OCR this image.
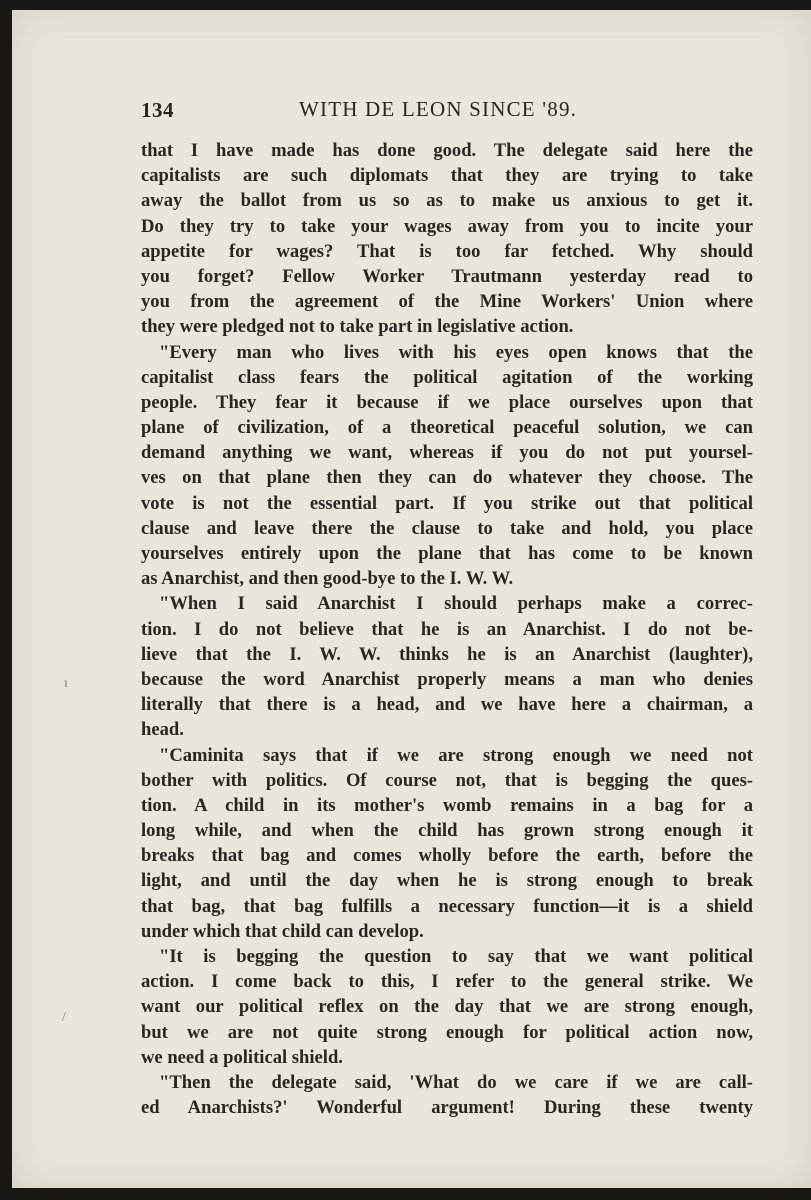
134	WITH DE LEON SINCE '89.
that I have made has done good. The delegate said here the
capitalists are such diplomats that they are trying to take
away the ballot from us so as to make us anxious to get it.
Do they try to take your wages away from you to incite your
appetite for wages? That is too far fetched. Why should
you forget? Fellow Worker Trautmann yesterday read to
you from the agreement of the Mine Workers' Union where
they were pledged not to take part in legislative action.
"Every man who lives with his eyes open knows that the
capitalist class fears the political agitation of the working
people. They fear it because if we place ourselves upon that
plane of civilization, of a theoretical peaceful solution, we can
demand anything we want, whereas if you do not put yoursel-
ves on that plane then they can do whatever they choose. The
vote is not the essential part. If you strike out that political
clause and leave there the clause to take and hold, you place
yourselves entirely upon the plane that has come to be known
as Anarchist, and then good-bye to the I. W. W.
"When I said Anarchist I should perhaps make a correc-
tion. I do not believe that he is an Anarchist. I do not be-
lieve that the I. W. W. thinks he is an Anarchist (laughter),
because the word Anarchist properly means a man who denies
literally that there is a head, and we have here a chairman, a
head.
"Caminita says that if we are strong enough we need not
bother with politics. Of course not, that is begging the ques-
tion. A child in its mother's womb remains in a bag for a
long while, and when the child has grown strong enough it
breaks that bag and comes wholly before the earth, before the
light, and until the day when he is strong enough to break
that bag, that bag fulfills a necessary function—it is a shield
under which that child can develop.
"It is begging the question to say that we want political
action. I come back to this, I refer to the general strike. We
want our political reflex on the day that we are strong enough,
but we are not quite strong enough for political action now,
we need a political shield.
"Then the delegate said, 'What do we care if we are call-
ed Anarchists?' Wonderful argument! During these twenty
ı
/
